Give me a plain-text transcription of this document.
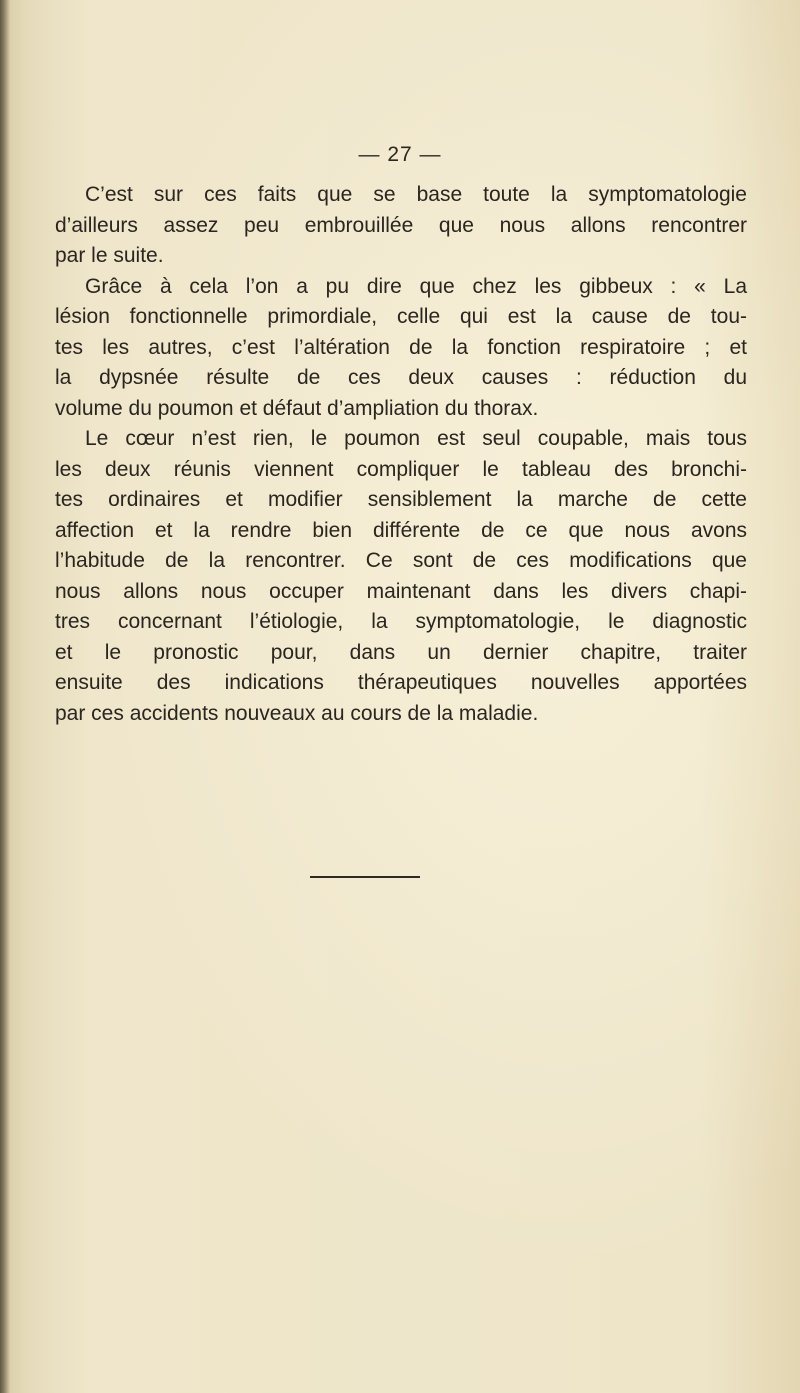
— 27 —
C’est sur ces faits que se base toute la symptomatologie
d’ailleurs assez peu embrouillée que nous allons rencontrer
par le suite.
Grâce à cela l’on a pu dire que chez les gibbeux : « La
lésion fonctionnelle primordiale, celle qui est la cause de tou-
tes les autres, c’est l’altération de la fonction respiratoire ; et
la dypsnée résulte de ces deux causes : réduction du
volume du poumon et défaut d’ampliation du thorax.
Le cœur n’est rien, le poumon est seul coupable, mais tous
les deux réunis viennent compliquer le tableau des bronchi-
tes ordinaires et modifier sensiblement la marche de cette
affection et la rendre bien différente de ce que nous avons
l’habitude de la rencontrer. Ce sont de ces modifications que
nous allons nous occuper maintenant dans les divers chapi-
tres concernant l’étiologie, la symptomatologie, le diagnostic
et le pronostic pour, dans un dernier chapitre, traiter
ensuite des indications thérapeutiques nouvelles apportées
par ces accidents nouveaux au cours de la maladie.
